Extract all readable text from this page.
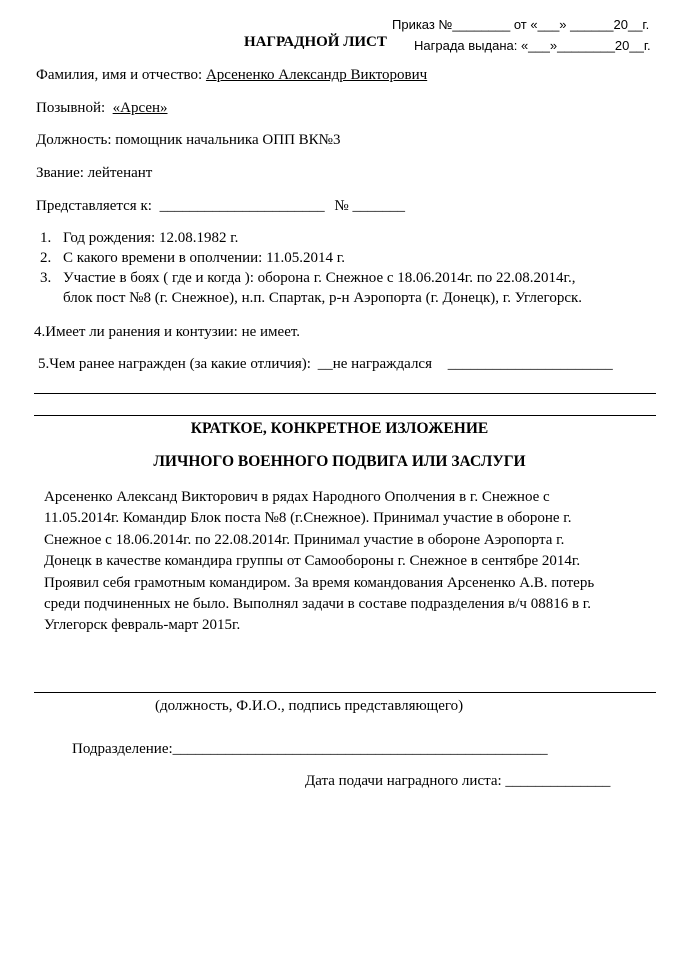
Приказ №________ от «___» ______20__г.
НАГРАДНОЙ ЛИСТ Награда выдана: «___»________20__г.
Фамилия, имя и отчество: Арсененко Александр Викторович
Позывной: «Арсен»
Должность: помощник начальника ОПП ВК№3
Звание: лейтенант
Представляется к: ______________________ № _______
1. Год рождения: 12.08.1982 г.
2. С какого времени в ополчении: 11.05.2014 г.
3. Участие в боях ( где и когда ): оборона г. Снежное с 18.06.2014г. по 22.08.2014г.,
блок пост №8 (г. Снежное), н.п. Спартак, р-н Аэропорта (г. Донецк), г. Углегорск.
4.Имеет ли ранения и контузии: не имеет.
5.Чем ранее награжден (за какие отличия): __не награждался ______________________
КРАТКОЕ, КОНКРЕТНОЕ ИЗЛОЖЕНИЕ
ЛИЧНОГО ВОЕННОГО ПОДВИГА ИЛИ ЗАСЛУГИ

Арсененко Александ Викторович в рядах Народного Ополчения в г. Снежное с

11.05.2014г. Командир Блок поста №8 (г.Снежное). Принимал участие в обороне г.

Снежное с 18.06.2014г. по 22.08.2014г. Принимал участие в обороне Аэропорта г.

Донецк в качестве командира группы от Самообороны г. Снежное в сентябре 2014г.

Проявил себя грамотным командиром. За время командования Арсененко А.В. потерь

среди подчиненных не было. Выполнял задачи в составе подразделения в/ч 08816 в г.

Углегорск февраль-март 2015г.

(должность, Ф.И.О., подпись представляющего)
Подразделение:__________________________________________________
Дата подачи наградного листа: ______________
